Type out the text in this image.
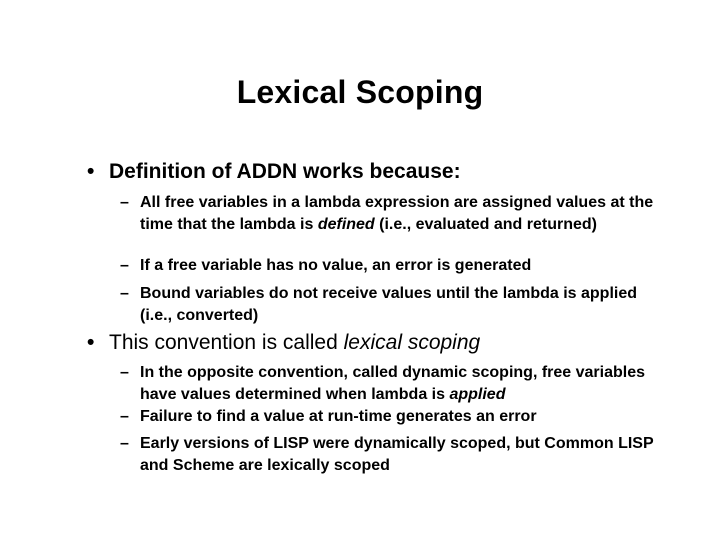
Lexical Scoping
• Definition of ADDN works because:
– All free variables in a lambda expression are assigned values at the time that the lambda is defined (i.e., evaluated and returned)
– If a free variable has no value, an error is generated
– Bound variables do not receive values until the lambda is applied (i.e., converted)
• This convention is called lexical scoping
– In the opposite convention, called dynamic scoping, free variables have values determined when lambda is applied
– Failure to find a value at run-time generates an error
– Early versions of LISP were dynamically scoped, but Common LISP and Scheme are lexically scoped
